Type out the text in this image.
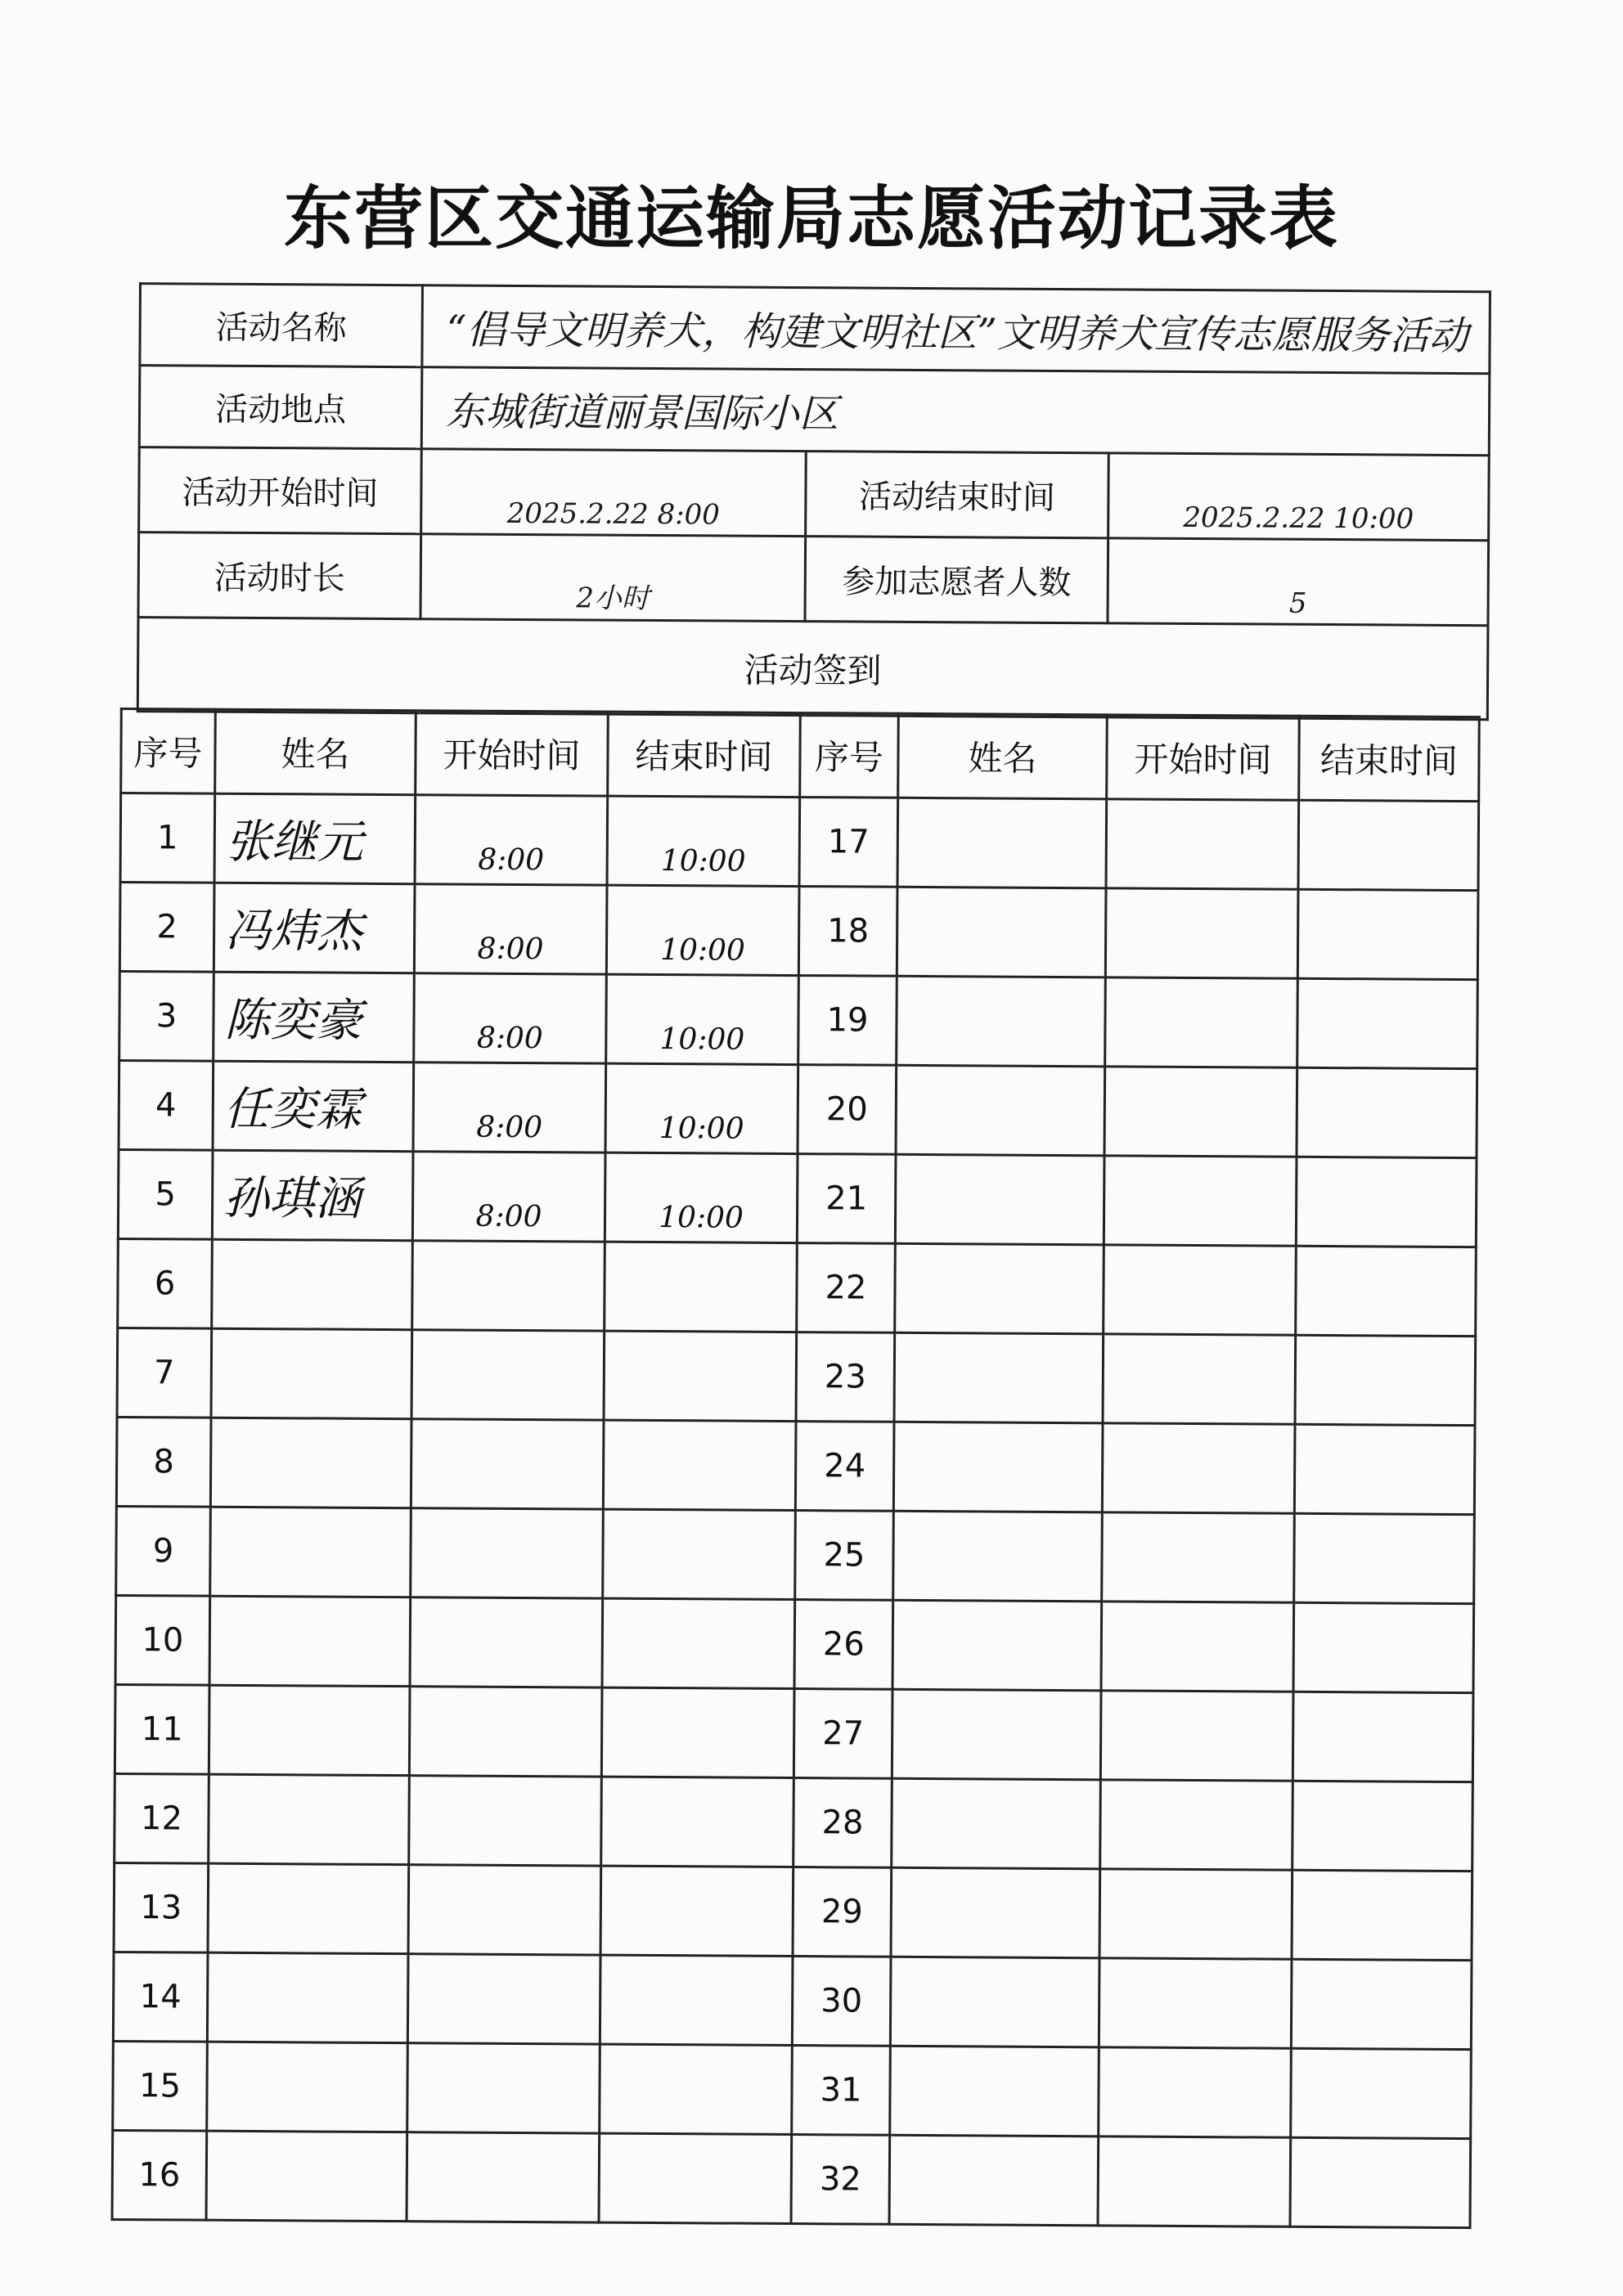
东营区交通运输局志愿活动记录表
活动名称	“倡导文明养犬，构建文明社区”文明养犬宣传志愿服务活动		
活动地点	东城街道丽景国际小区		
活动开始时间	2025.2.22 8:00	活动结束时间	2025.2.22 10:00
活动时长	2小时	参加志愿者人数	5
活动签到			
序号	姓名	开始时间	结束时间	序号	姓名	开始时间	结束时间
1	张继元	8:00	10:00	17			
2	冯炜杰	8:00	10:00	18			
3	陈奕豪	8:00	10:00	19			
4	任奕霖	8:00	10:00	20			
5	孙琪涵	8:00	10:00	21			
6				22			
7				23			
8				24			
9				25			
10				26			
11				27			
12				28			
13				29			
14				30			
15				31			
16				32			
